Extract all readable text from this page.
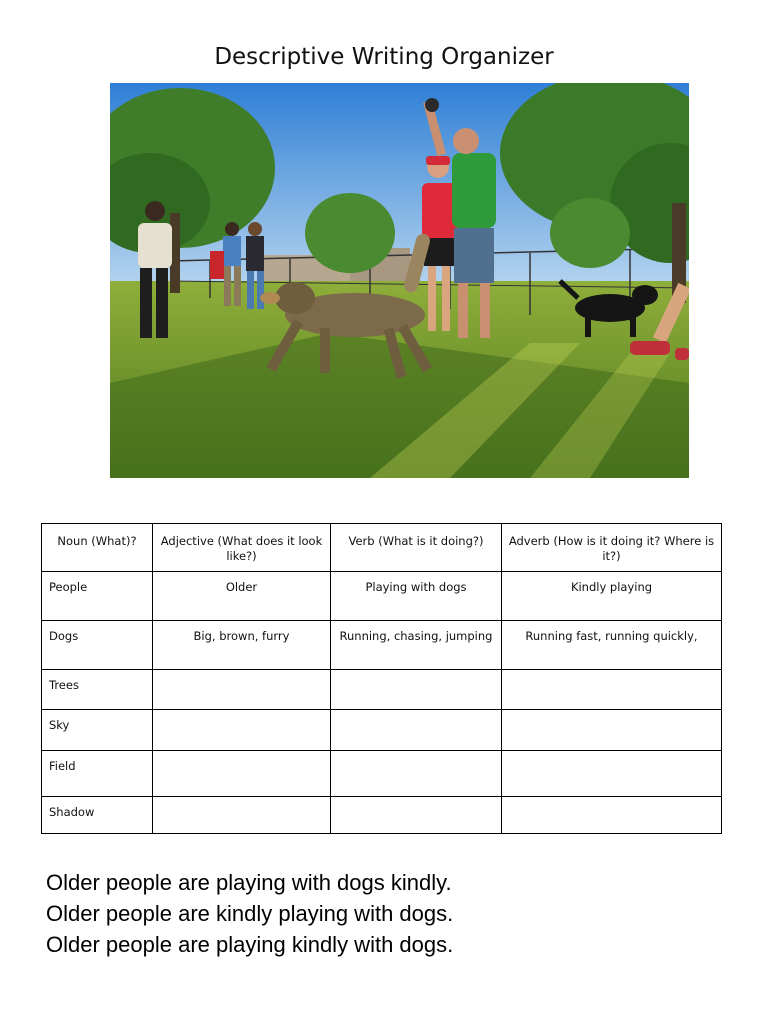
Descriptive Writing Organizer
Noun (What)?	Adjective (What does it look like?)	Verb (What is it doing?)	Adverb (How is it doing it? Where is it?)
People	Older	Playing with dogs	Kindly playing
Dogs	Big, brown, furry	Running, chasing, jumping	Running fast, running quickly,
Trees			
Sky			
Field			
Shadow			
Older people are playing with dogs kindly.
Older people are kindly playing with dogs.
Older people are playing kindly with dogs.
